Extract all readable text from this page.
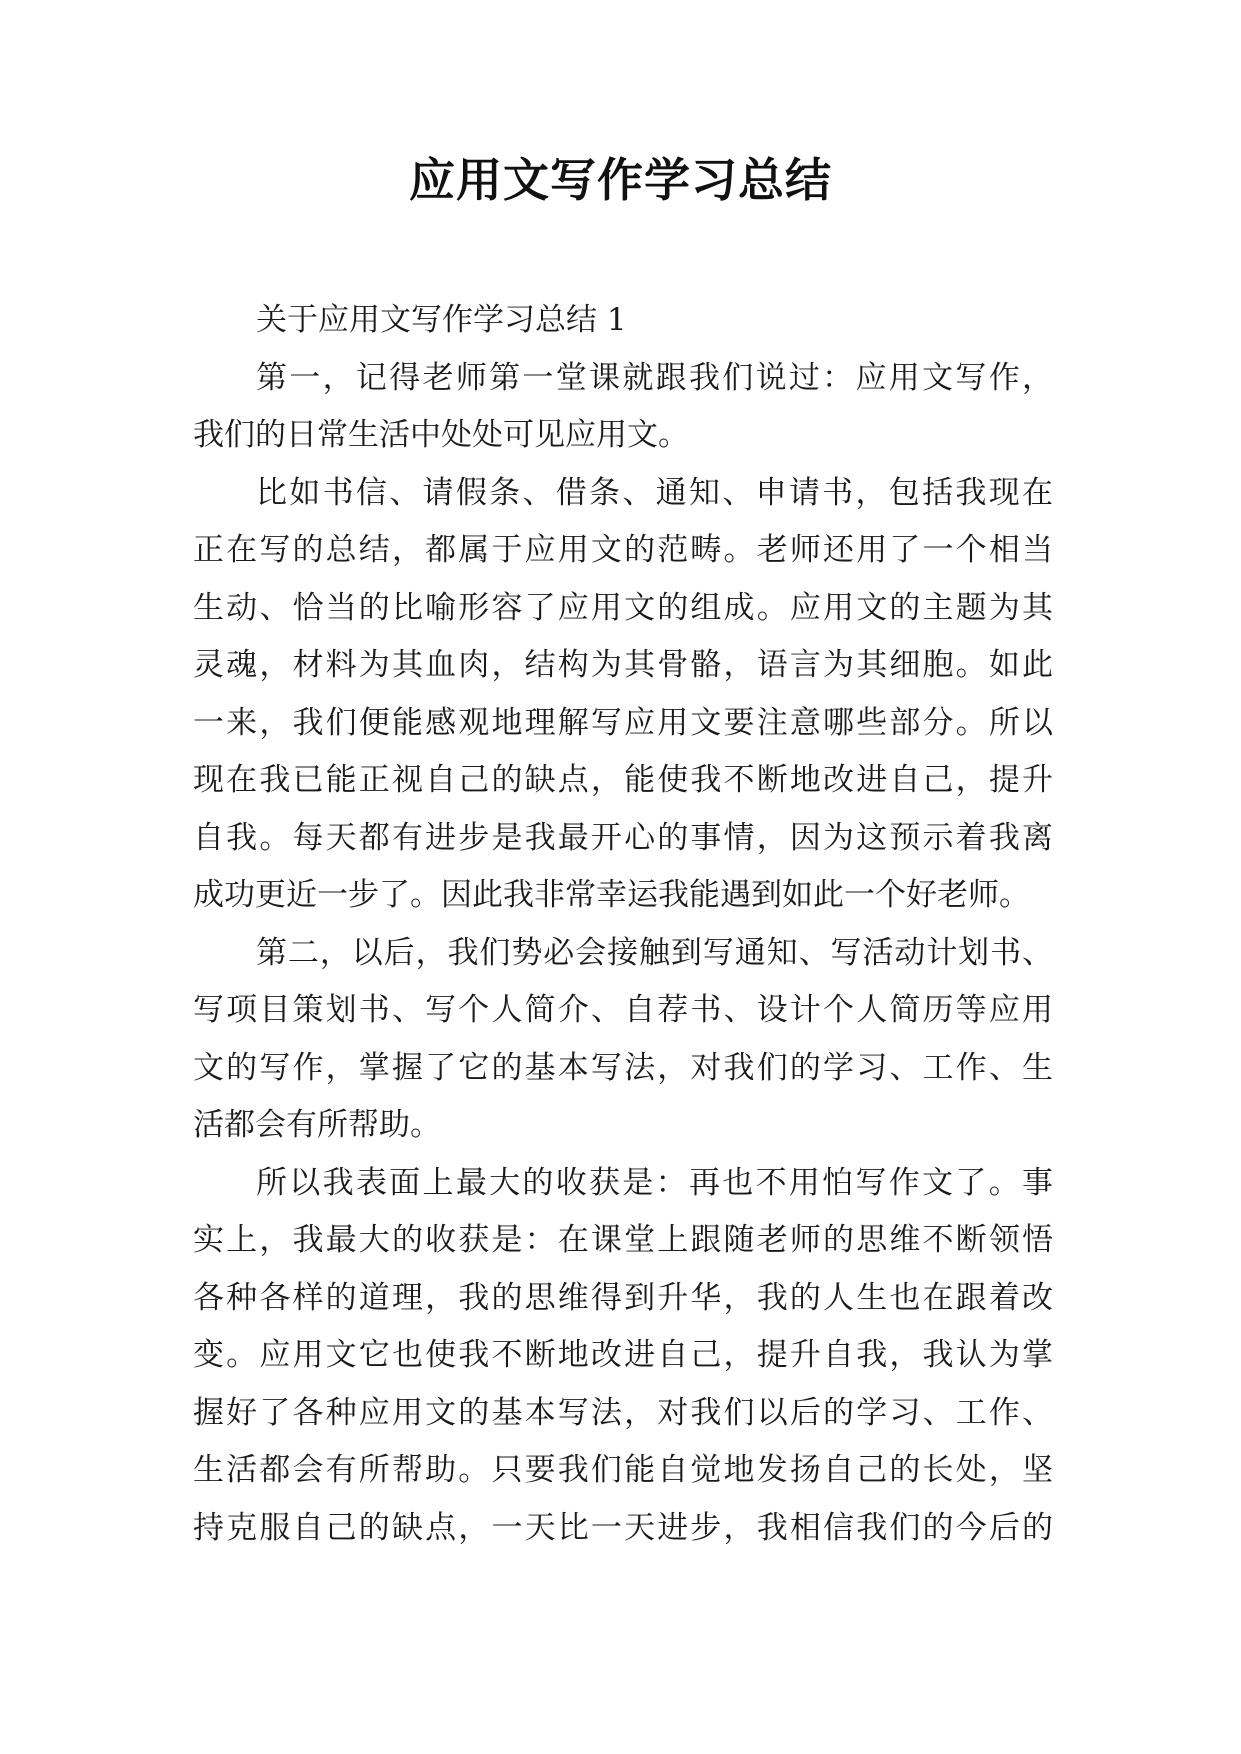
应用文写作学习总结
关于应用文写作学习总结 1
第一，记得老师第一堂课就跟我们说过：应用文写作，
我们的日常生活中处处可见应用文。
比如书信、请假条、借条、通知、申请书，包括我现在
正在写的总结，都属于应用文的范畴。老师还用了一个相当
生动、恰当的比喻形容了应用文的组成。应用文的主题为其
灵魂，材料为其血肉，结构为其骨骼，语言为其细胞。如此
一来，我们便能感观地理解写应用文要注意哪些部分。所以
现在我已能正视自己的缺点，能使我不断地改进自己，提升
自我。每天都有进步是我最开心的事情，因为这预示着我离
成功更近一步了。因此我非常幸运我能遇到如此一个好老师。
第二，以后，我们势必会接触到写通知、写活动计划书、
写项目策划书、写个人简介、自荐书、设计个人简历等应用
文的写作，掌握了它的基本写法，对我们的学习、工作、生
活都会有所帮助。
所以我表面上最大的收获是：再也不用怕写作文了。事
实上，我最大的收获是：在课堂上跟随老师的思维不断领悟
各种各样的道理，我的思维得到升华，我的人生也在跟着改
变。应用文它也使我不断地改进自己，提升自我，我认为掌
握好了各种应用文的基本写法，对我们以后的学习、工作、
生活都会有所帮助。只要我们能自觉地发扬自己的长处，坚
持克服自己的缺点，一天比一天进步，我相信我们的今后的
